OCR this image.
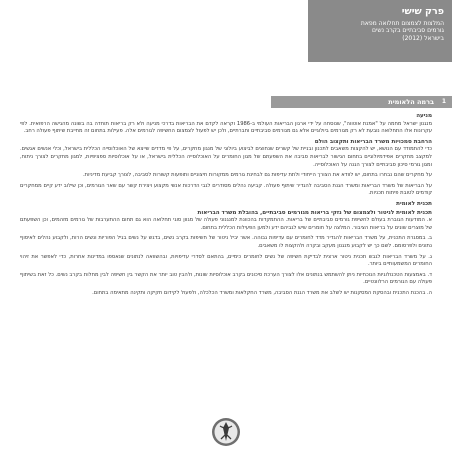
פרק שישי
המלצות לצמצום תחלואה מפאת
גורמים סביבתיים בקרב נשים
בישראל (2012)
1
ברמה הלאומית

מניעה

מנגנון ישראל מחמה על "אמנת אוטווה", שנוסחה על ידי ארגון הבריאות העולמי ב-1986 וקראה לקדם את הבריאות בדרכי מניעה ולא רק בריאות תוחדה בה בשונה מהגישה הרפואית. לפי עקרונות אלו התחלואה נובעת לא רק מגורמים ביולוגיים אלא גם מגורמים סביבתיים וחברתיים, ולכן יש לפעול לצמצום החשיפה לגורמים אלה. פעילות בתחום זה מחייבת שיתוף פעולה רחב.

הרחבת סמכויות משרד הבריאות ותקצוב הולם

כדי להתמודד עם הנושא, יש להקצות משאבים לתכנון ובניית של קשרים שנחוצים לביצוע ביולוגי של מנגון מחקרים, על פי מדדים שייצא של האוכלוסייה הכללית בישראל, וכלי אנשים אגשים. למקצב מחקרים אפידמיולוגיים בתחום הגישור לבריאות סביבה את השפעתם של מגון החומרים על האוכלוסייה הכללית בישראל, או על אוכלוסיות ספציפיות, למגון מחקרים לצורך ניתוח, ומגון גורמי סיכון סביבתיים לצורך הגנה על האוכלוסייה.

על מחקרים שהם נבחרו בתחום, יש לוודא את הצורך הייחודי ולתת עדיפות גם לבחינת גורמים ממקורות חיצוניים ותופעות קשורות לסביבה, לצורך קביעת מדיניות.

על הבריאות של משרד הבריאות ומשרד הגנת הסביבה להגדיר שיתוף פעולה. קביעה נהלים מסודרים לגבי הדרכות אנשי מקצוע ויצירת קשר עם שאר הגורמים, וכן שילוב ידע קיים ממחקרים קודמים לטובת פיתוח תכניות.

תכנית לאומית

תכנית לאומית לניטור ולצמצום של נזקי בריאות מגורמים סביבתיים, בהובלת משרד הבריאות

א. המודעות הגוברת בעולם לחשיפת גורמים סביבתיים של בריאות. ההתמקדות בהכוונת למנגנוני פעולה של מגוון סוגי תחלואה הוא גם תחום ההתערבות של גורמים מזהמים, וכן השפעתם של מוצרים שונים על בריאות הציבור. המלצה על חומרים שיש לגביהם ידע ולמען הפעילות הכללית בתחום.

ב. במסגרת התכנית, על משרד הבריאות להגדיר מדד לחומרים עם עדיפות גבוהה. אשר יביל ניטור של חשיפות בקרב נשים, בדגש על נשים בגיל הפוריות ונשים הרות, ולקבוע נהלים לאיסוף נתונים ולפרסומם. לשם כך יש לקבוע מנגנון מעקב ובקרה ולהקצות לו משאבים.

ג. על משרד הבריאות לגבש תכנית ניטור ארצית לבדיקת חשיפה של נשים לחומרים כימיים, בהתאם לסדרי עדיפויות, ובהשוואה לנתונים שנאספו במדינות אחרות, כדי לאפשר את זיהוי החומרים המשמעותיים ביותר.

ד. באמצעות הטכנולוגיות הנוכחיות ניתן להשתמש בנתונים אלו לצורך הערכת סיכונים בקרב אוכלוסיות שונות, ולהבין טוב יותר את הקשר בין חשיפה לבין מחלות בקרב נשים. כל זאת בשיתוף פעולה עם הגורמים הרלוונטיים.

ה. בהכנת התכנית ובהסקת המסקנות יש לשלב את משרד הגנת הסביבה, משרד החקלאות ומשרד הכלכלה, ולפעול לקידום חקיקה ותקינה מתאימה בתחום.
